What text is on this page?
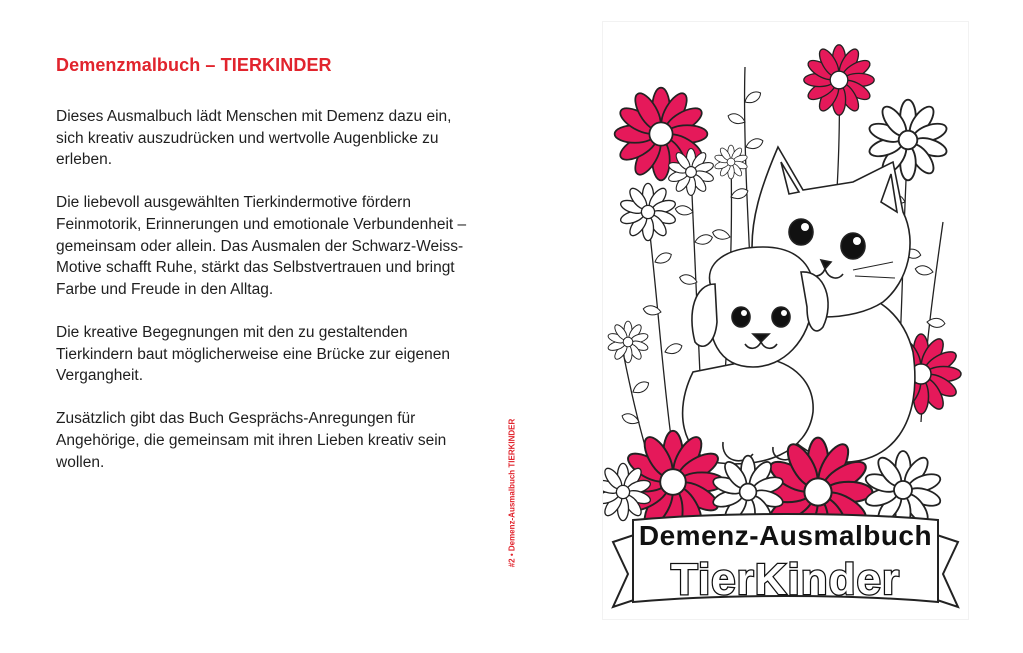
Demenzmalbuch – TIERKINDER

Dieses Ausmalbuch lädt Menschen mit Demenz dazu ein, sich kreativ auszudrücken und wertvolle Augenblicke zu erleben.

Die liebevoll ausgewählten Tierkindermotive fördern Feinmotorik, Erinnerungen und emotionale Verbundenheit – gemeinsam oder allein. Das Ausmalen der Schwarz-Weiss-Motive schafft Ruhe, stärkt das Selbstvertrauen und bringt Farbe und Freude in den Alltag.

Die kreative Begegnungen mit den zu gestaltenden Tierkindern baut möglicherweise eine Brücke zur eigenen Vergangheit.

Zusätzlich gibt das Buch Gesprächs-Anregungen für Angehörige, die gemeinsam mit ihren Lieben kreativ sein wollen.	#2 • Demenz-Ausmalbuch TIERKINDER	Demenz-Ausmalbuch
TierKinder
